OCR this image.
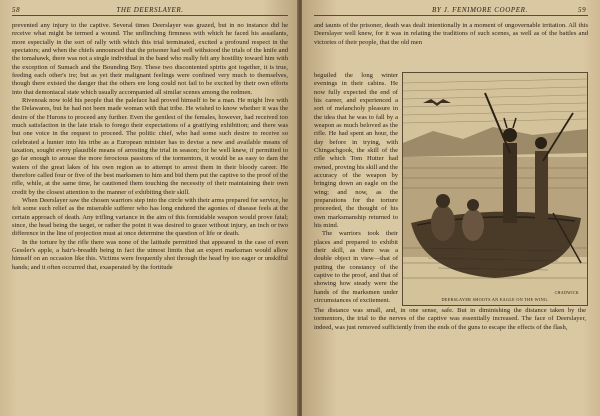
58	THE DEERSLAYER.

prevented any injury to the captive. Several times Deerslayer was grazed, but in no instance did he receive what might be termed a wound. The unflinching firmness with which he faced his assailants, more especially in the sort of rally with which this trial terminated, excited a profound respect in the spectators; and when the chiefs announced that the prisoner had well withstood the trials of the knife and the tomahawk, there was not a single individual in the band who really felt any hostility toward him with the exception of Sumach and the Bounding Boy. These two discontented spirits got together, it is true, feeding each other's ire; but as yet their malignant feelings were confined very much to themselves, though there existed the danger that the others ere long could not fail to be excited by their own efforts into that demoniacal state which usually accompanied all similar scenes among the redmen.

Rivenoak now told his people that the paleface had proved himself to be a man. He might live with the Delawares, but he had not been made woman with that tribe. He wished to know whether it was the desire of the Hurons to proceed any further. Even the gentlest of the females, however, had received too much satisfaction in the late trials to forego their expectations of a gratifying exhibition; and there was but one voice in the request to proceed. The politic chief, who had some such desire to receive so celebrated a hunter into his tribe as a European minister has to devise a new and available means of taxation, sought every plausible means of arresting the trial in season; for he well knew, if permitted to go far enough to arouse the more ferocious passions of the tormentors, it would be as easy to dam the waters of the great lakes of his own region as to attempt to arrest them in their bloody career. He therefore called four or five of the best marksmen to him and bid them put the captive to the proof of the rifle, while, at the same time, he cautioned them touching the necessity of their maintaining their own credit by the closest attention to the manner of exhibiting their skill.

When Deerslayer saw the chosen warriors step into the circle with their arms prepared for service, he felt some such relief as the miserable sufferer who has long endured the agonies of disease feels at the certain approach of death. Any trifling variance in the aim of this formidable weapon would prove fatal; since, the head being the target, or rather the point it was desired to graze without injury, an inch or two difference in the line of projection must at once determine the question of life or death.

In the torture by the rifle there was none of the latitude permitted that appeared in the case of even Gessler's apple, a hair's-breadth being in fact the utmost limits that an expert marksman would allow himself on an occasion like this. Victims were frequently shot through the head by too eager or unskilful hands; and it often occurred that, exasperated by the fortitude

BY J. FENIMORE COOPER.	59

and taunts of the prisoner, death was dealt intentionally in a moment of ungovernable irritation. All this Deerslayer well knew, for it was in relating the traditions of such scenes, as well as of the battles and victories of their people, that the old men

beguiled the long winter evenings in their cabins. He now fully expected the end of his career, and experienced a sort of melancholy pleasure in the idea that he was to fall by a weapon as much beloved as the rifle. He had spent an hour, the day before in trying, with Chingachgook, the skill of the rifle which Tom Hutter had owned, proving his skill and the accuracy of the weapon by bringing down an eagle on the wing; and now, as the preparations for the torture proceeded, the thought of his own marksmanship returned to his mind.

The warriors took their places and prepared to exhibit their skill, as there was a double object in view—that of putting the constancy of the captive to the proof, and that of showing how steady were the hands of the marksmen under circumstances of excitement.

CHADWICK
DEERSLAYER SHOOTS AN EAGLE ON THE WING.

The distance was small, and, in one sense, safe. But in diminishing the distance taken by the tormentors, the trial to the nerves of the captive was essentially increased. The face of Deerslayer, indeed, was just removed sufficiently from the ends of the guns to escape the effects of the flash,
